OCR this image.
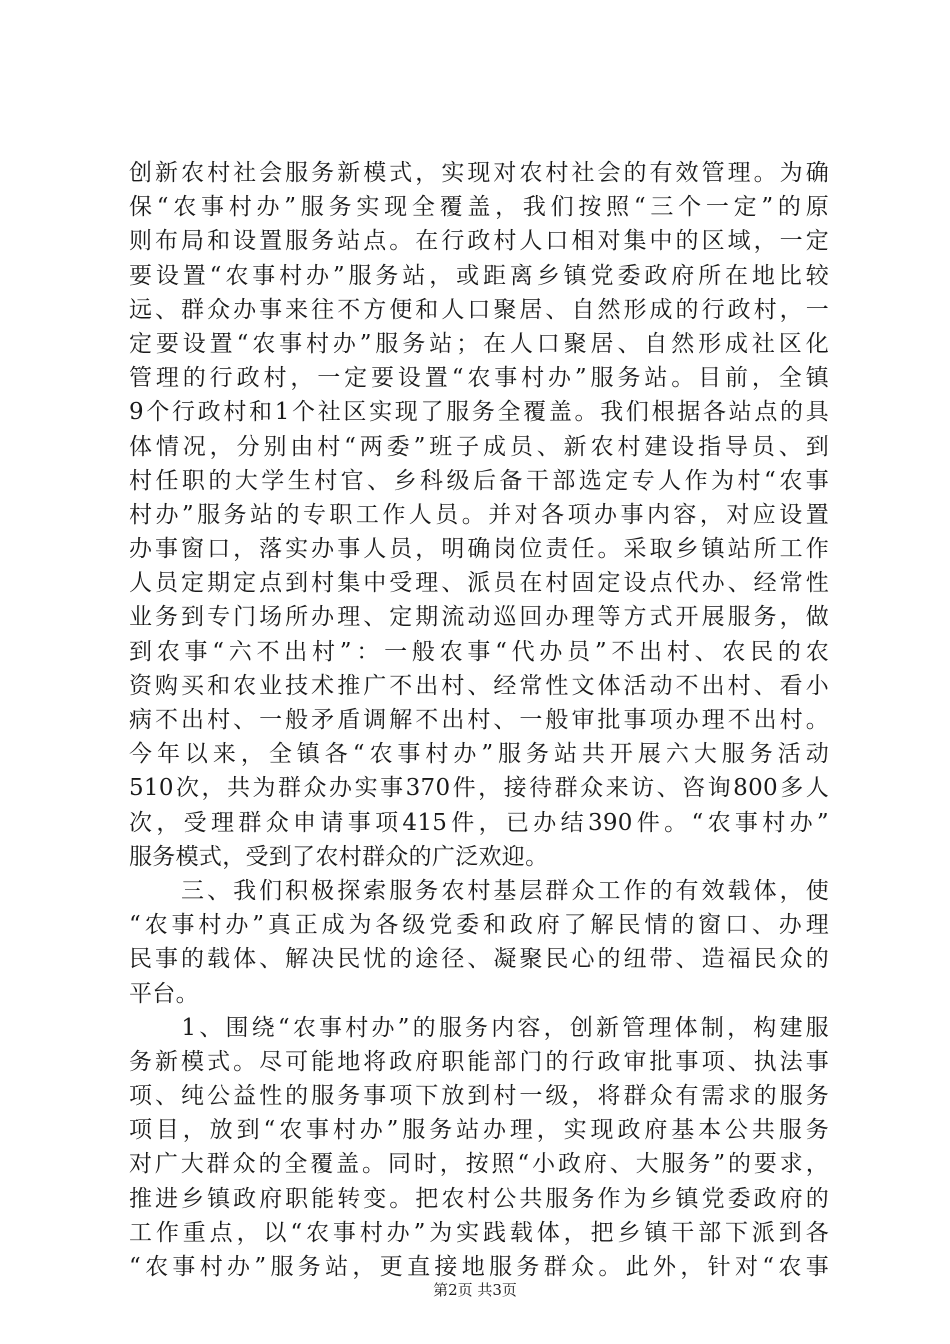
创新农村社会服务新模式，实现对农村社会的有效管理。为确
保“农事村办”服务实现全覆盖，我们按照“三个一定”的原
则布局和设置服务站点。在行政村人口相对集中的区域，一定
要设置“农事村办”服务站，或距离乡镇党委政府所在地比较
远、群众办事来往不方便和人口聚居、自然形成的行政村，一
定要设置“农事村办”服务站；在人口聚居、自然形成社区化
管理的行政村，一定要设置“农事村办”服务站。目前，全镇
9个行政村和1个社区实现了服务全覆盖。我们根据各站点的具
体情况，分别由村“两委”班子成员、新农村建设指导员、到
村任职的大学生村官、乡科级后备干部选定专人作为村“农事
村办”服务站的专职工作人员。并对各项办事内容，对应设置
办事窗口，落实办事人员，明确岗位责任。采取乡镇站所工作
人员定期定点到村集中受理、派员在村固定设点代办、经常性
业务到专门场所办理、定期流动巡回办理等方式开展服务，做
到农事“六不出村”：一般农事“代办员”不出村、农民的农
资购买和农业技术推广不出村、经常性文体活动不出村、看小
病不出村、一般矛盾调解不出村、一般审批事项办理不出村。
今年以来，全镇各“农事村办”服务站共开展六大服务活动
510次，共为群众办实事370件，接待群众来访、咨询800多人
次，受理群众申请事项415件，已办结390件。“农事村办”
服务模式，受到了农村群众的广泛欢迎。
　　三、我们积极探索服务农村基层群众工作的有效载体，使
“农事村办”真正成为各级党委和政府了解民情的窗口、办理
民事的载体、解决民忧的途径、凝聚民心的纽带、造福民众的
平台。
　　1、围绕“农事村办”的服务内容，创新管理体制，构建服
务新模式。尽可能地将政府职能部门的行政审批事项、执法事
项、纯公益性的服务事项下放到村一级，将群众有需求的服务
项目，放到“农事村办”服务站办理，实现政府基本公共服务
对广大群众的全覆盖。同时，按照“小政府、大服务”的要求，
推进乡镇政府职能转变。把农村公共服务作为乡镇党委政府的
工作重点，以“农事村办”为实践载体，把乡镇干部下派到各
“农事村办”服务站，更直接地服务群众。此外，针对“农事
第2页 共3页
